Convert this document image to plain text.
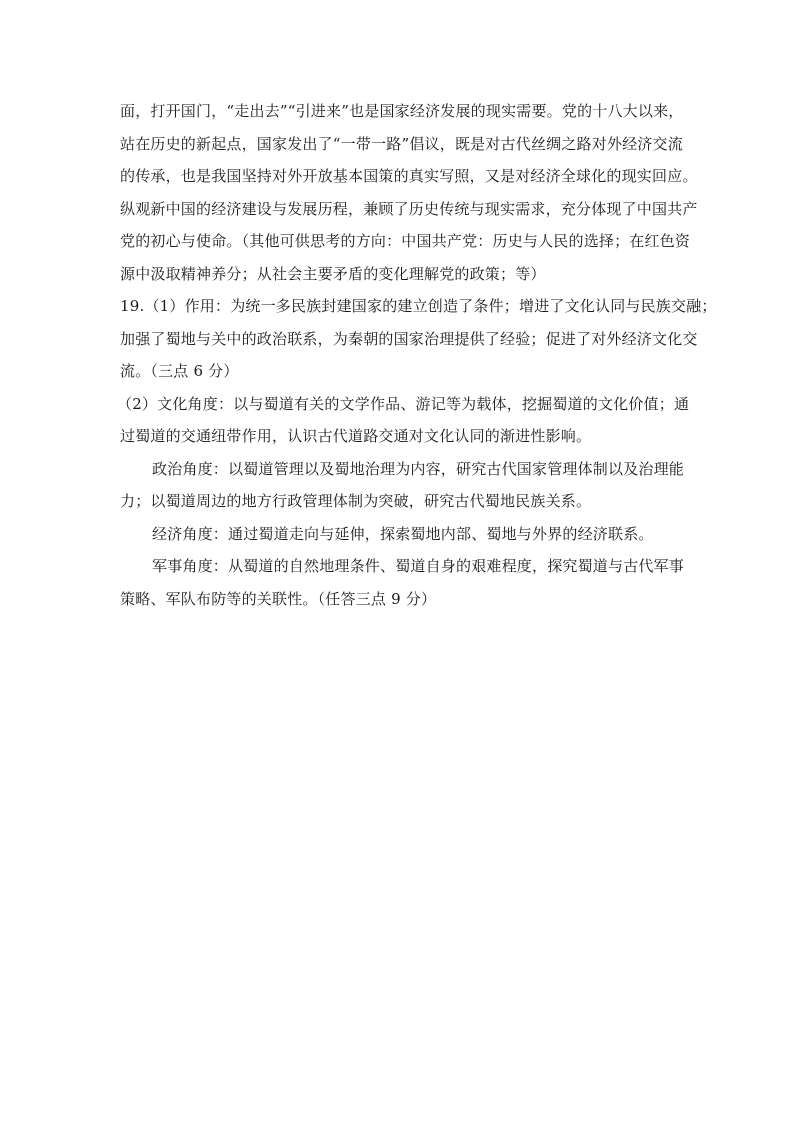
面，打开国门，“走出去”“引进来”也是国家经济发展的现实需要。党的十八大以来，
站在历史的新起点，国家发出了“一带一路”倡议，既是对古代丝绸之路对外经济交流
的传承，也是我国坚持对外开放基本国策的真实写照，又是对经济全球化的现实回应。
纵观新中国的经济建设与发展历程，兼顾了历史传统与现实需求，充分体现了中国共产
党的初心与使命。（其他可供思考的方向：中国共产党：历史与人民的选择；在红色资
源中汲取精神养分；从社会主要矛盾的变化理解党的政策；等）
19.（1）作用：为统一多民族封建国家的建立创造了条件；增进了文化认同与民族交融；
加强了蜀地与关中的政治联系，为秦朝的国家治理提供了经验；促进了对外经济文化交
流。（三点 6 分）
（2）文化角度：以与蜀道有关的文学作品、游记等为载体，挖掘蜀道的文化价值；通
过蜀道的交通纽带作用，认识古代道路交通对文化认同的渐进性影响。
政治角度：以蜀道管理以及蜀地治理为内容，研究古代国家管理体制以及治理能
力；以蜀道周边的地方行政管理体制为突破，研究古代蜀地民族关系。
经济角度：通过蜀道走向与延伸，探索蜀地内部、蜀地与外界的经济联系。
军事角度：从蜀道的自然地理条件、蜀道自身的艰难程度，探究蜀道与古代军事
策略、军队布防等的关联性。（任答三点 9 分）
